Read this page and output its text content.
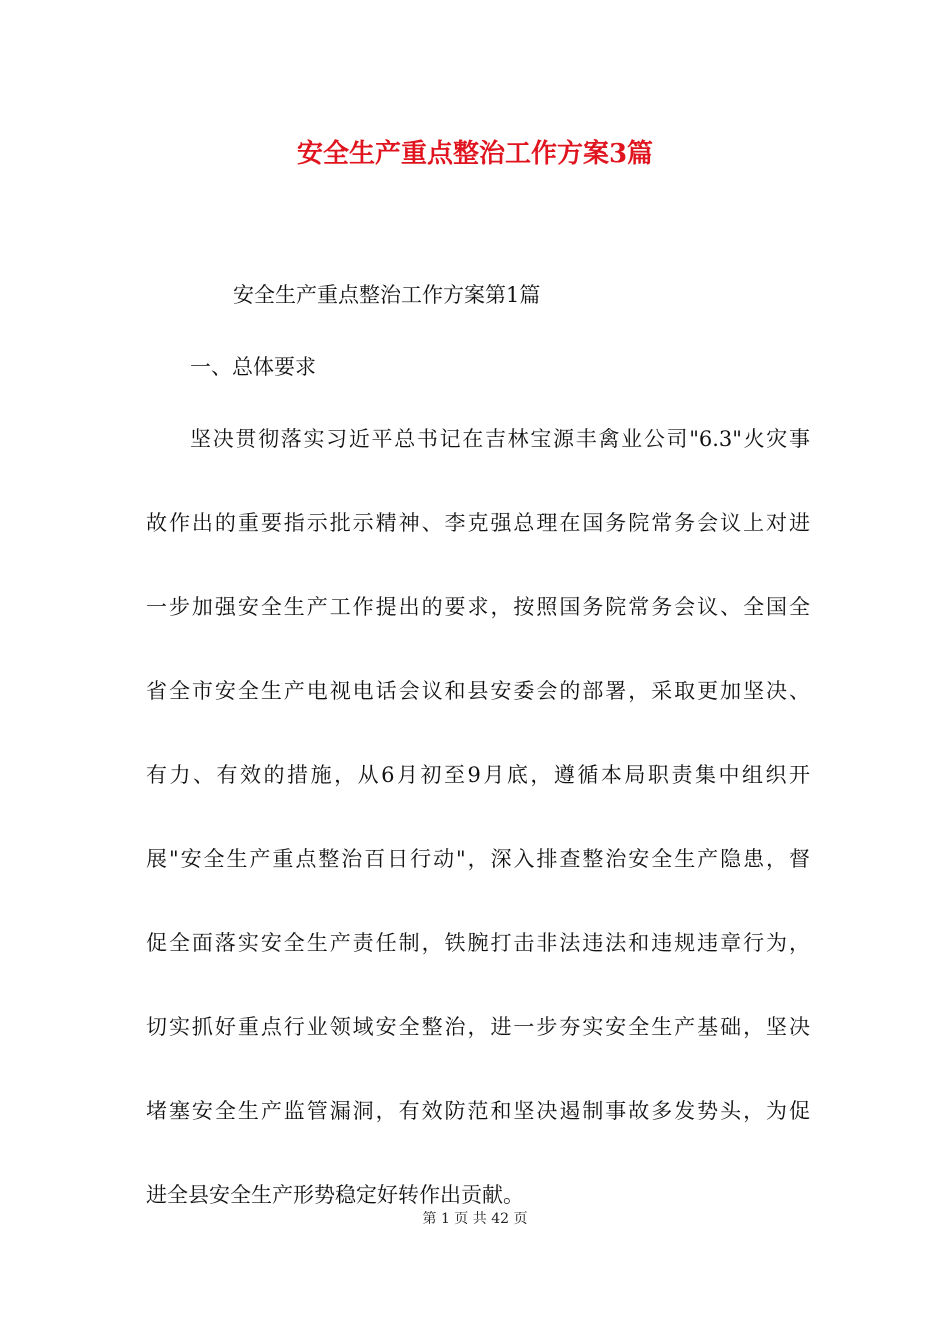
安全生产重点整治工作方案3篇

安全生产重点整治工作方案第1篇

一、总体要求

坚决贯彻落实习近平总书记在吉林宝源丰禽业公司"6.3"火灾事
故作出的重要指示批示精神、李克强总理在国务院常务会议上对进
一步加强安全生产工作提出的要求，按照国务院常务会议、全国全
省全市安全生产电视电话会议和县安委会的部署，采取更加坚决、
有力、有效的措施，从6月初至9月底，遵循本局职责集中组织开
展"安全生产重点整治百日行动"，深入排查整治安全生产隐患，督
促全面落实安全生产责任制，铁腕打击非法违法和违规违章行为，
切实抓好重点行业领域安全整治，进一步夯实安全生产基础，坚决
堵塞安全生产监管漏洞，有效防范和坚决遏制事故多发势头，为促
进全县安全生产形势稳定好转作出贡献。

第 1 页 共 42 页
